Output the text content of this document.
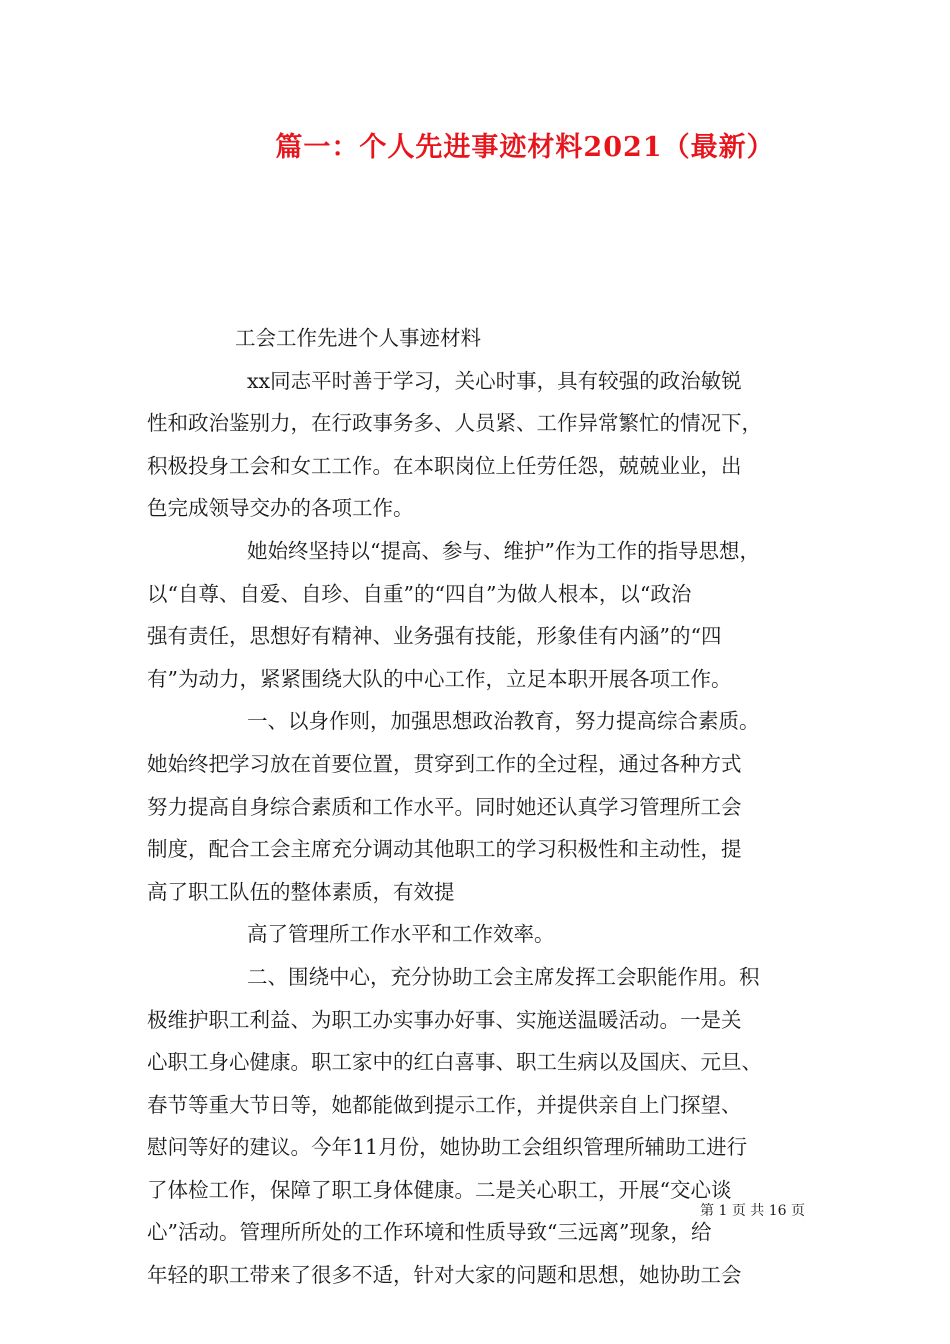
篇一：个人先进事迹材料2021（最新）
工会工作先进个人事迹材料
xx同志平时善于学习，关心时事，具有较强的政治敏锐
性和政治鉴别力，在行政事务多、人员紧、工作异常繁忙的情况下，
积极投身工会和女工工作。在本职岗位上任劳任怨，兢兢业业，出
色完成领导交办的各项工作。
她始终坚持以“提高、参与、维护”作为工作的指导思想，
以“自尊、自爱、自珍、自重”的“四自”为做人根本，以“政治
强有责任，思想好有精神、业务强有技能，形象佳有内涵”的“四
有”为动力，紧紧围绕大队的中心工作，立足本职开展各项工作。
一、以身作则，加强思想政治教育，努力提高综合素质。
她始终把学习放在首要位置，贯穿到工作的全过程，通过各种方式
努力提高自身综合素质和工作水平。同时她还认真学习管理所工会
制度，配合工会主席充分调动其他职工的学习积极性和主动性，提
高了职工队伍的整体素质，有效提
高了管理所工作水平和工作效率。
二、围绕中心，充分协助工会主席发挥工会职能作用。积
极维护职工利益、为职工办实事办好事、实施送温暖活动。一是关
心职工身心健康。职工家中的红白喜事、职工生病以及国庆、元旦、
春节等重大节日等，她都能做到提示工作，并提供亲自上门探望、
慰问等好的建议。今年11月份，她协助工会组织管理所辅助工进行
了体检工作，保障了职工身体健康。二是关心职工，开展“交心谈
心”活动。管理所所处的工作环境和性质导致“三远离”现象，给
年轻的职工带来了很多不适，针对大家的问题和思想，她协助工会
第 1 页 共 16 页
